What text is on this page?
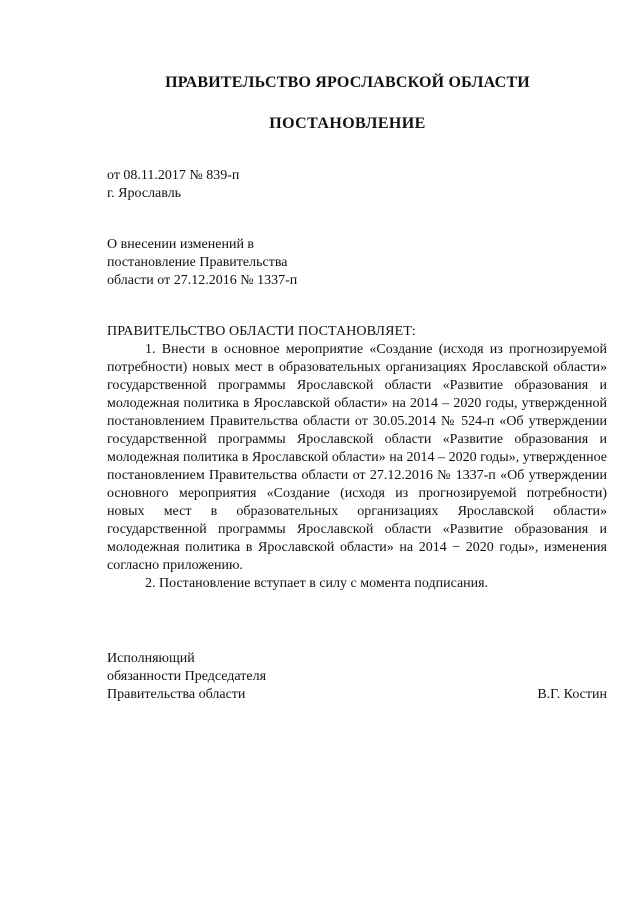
ПРАВИТЕЛЬСТВО ЯРОСЛАВСКОЙ ОБЛАСТИ
ПОСТАНОВЛЕНИЕ
от 08.11.2017 № 839-п
г. Ярославль
О внесении изменений в
постановление Правительства
области от 27.12.2016 № 1337-п
ПРАВИТЕЛЬСТВО ОБЛАСТИ ПОСТАНОВЛЯЕТ:

1. Внести в основное мероприятие «Создание (исходя из прогнозируемой потребности) новых мест в образовательных организациях Ярославской области» государственной программы Ярославской области «Развитие образования и молодежная политика в Ярославской области» на 2014 – 2020 годы, утвержденной постановлением Правительства области от 30.05.2014 № 524-п «Об утверждении государственной программы Ярославской области «Развитие образования и молодежная политика в Ярославской области» на 2014 – 2020 годы», утвержденное постановлением Правительства области от 27.12.2016 № 1337-п «Об утверждении основного мероприятия «Создание (исходя из прогнозируемой потребности) новых мест в образовательных организациях Ярославской области» государственной программы Ярославской области «Развитие образования и молодежная политика в Ярославской области» на 2014 − 2020 годы», изменения согласно приложению.

2. Постановление вступает в силу с момента подписания.

Исполняющий
обязанности Председателя
Правительства области	В.Г. Костин
